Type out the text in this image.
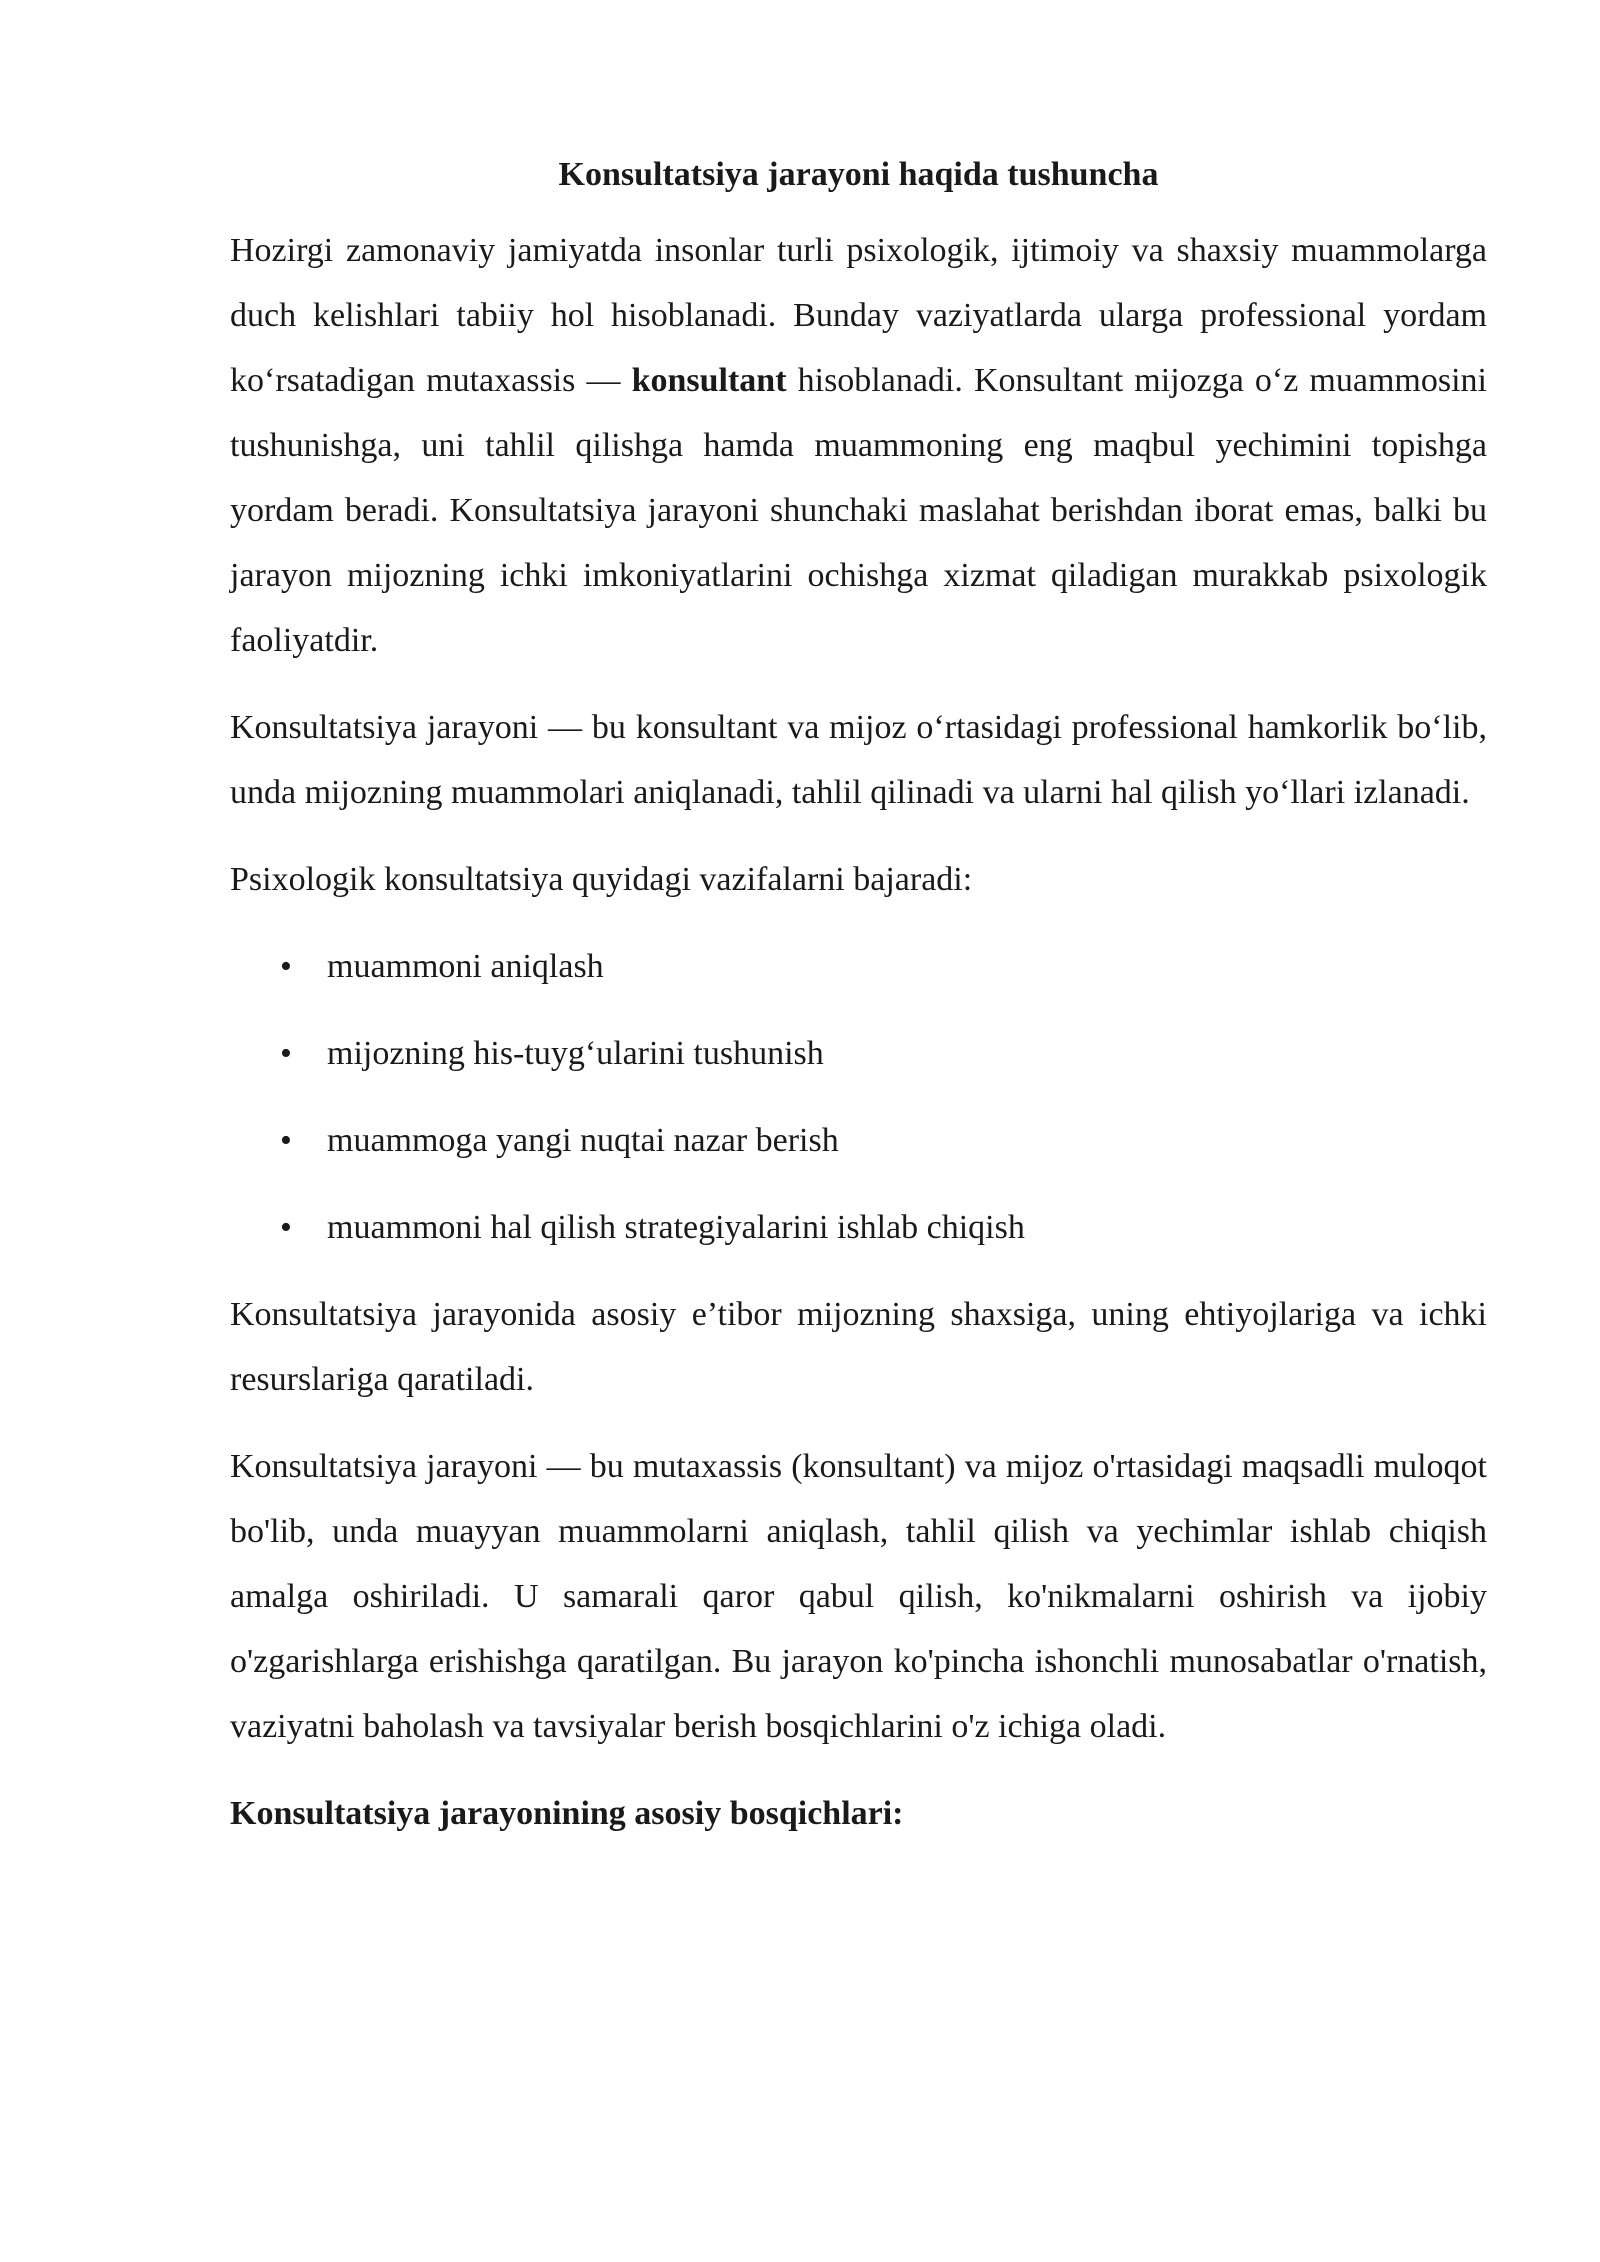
Konsultatsiya jarayoni haqida tushuncha

Hozirgi zamonaviy jamiyatda insonlar turli psixologik, ijtimoiy va shaxsiy muammolarga duch kelishlari tabiiy hol hisoblanadi. Bunday vaziyatlarda ularga professional yordam ko‘rsatadigan mutaxassis — konsultant hisoblanadi. Konsultant mijozga o‘z muammosini tushunishga, uni tahlil qilishga hamda muammoning eng maqbul yechimini topishga yordam beradi. Konsultatsiya jarayoni shunchaki maslahat berishdan iborat emas, balki bu jarayon mijozning ichki imkoniyatlarini ochishga xizmat qiladigan murakkab psixologik faoliyatdir.

Konsultatsiya jarayoni — bu konsultant va mijoz o‘rtasidagi professional hamkorlik bo‘lib, unda mijozning muammolari aniqlanadi, tahlil qilinadi va ularni hal qilish yo‘llari izlanadi.

Psixologik konsultatsiya quyidagi vazifalarni bajaradi:

• muammoni aniqlash
• mijozning his-tuyg‘ularini tushunish
• muammoga yangi nuqtai nazar berish
• muammoni hal qilish strategiyalarini ishlab chiqish

Konsultatsiya jarayonida asosiy e’tibor mijozning shaxsiga, uning ehtiyojlariga va ichki resurslariga qaratiladi.

Konsultatsiya jarayoni — bu mutaxassis (konsultant) va mijoz o'rtasidagi maqsadli muloqot bo'lib, unda muayyan muammolarni aniqlash, tahlil qilish va yechimlar ishlab chiqish amalga oshiriladi. U samarali qaror qabul qilish, ko'nikmalarni oshirish va ijobiy o'zgarishlarga erishishga qaratilgan. Bu jarayon ko'pincha ishonchli munosabatlar o'rnatish, vaziyatni baholash va tavsiyalar berish bosqichlarini o'z ichiga oladi.

Konsultatsiya jarayonining asosiy bosqichlari:
